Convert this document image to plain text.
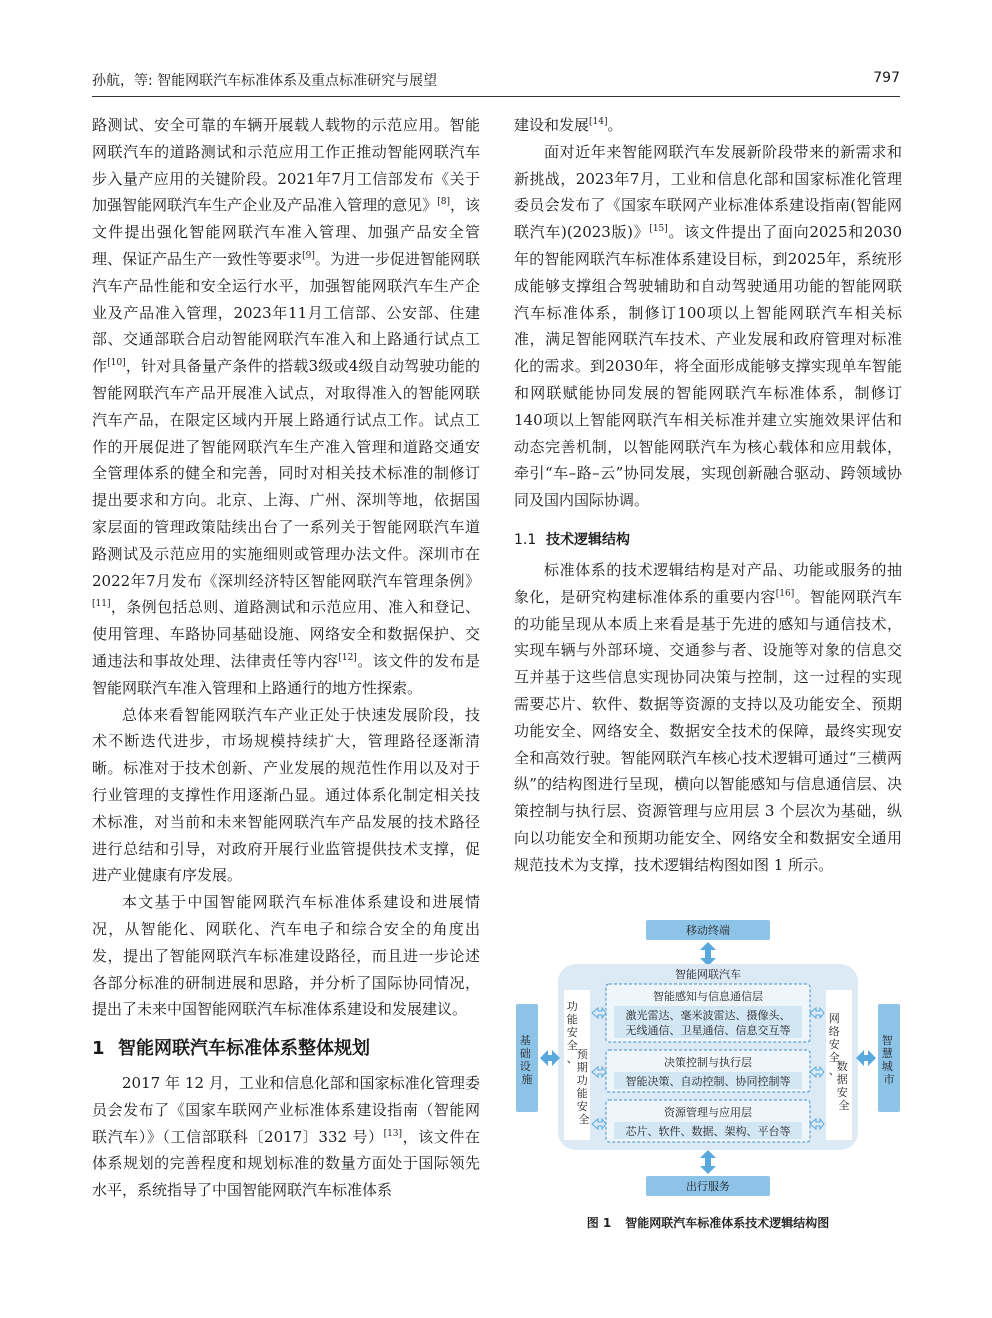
孙航，等: 智能网联汽车标准体系及重点标准研究与展望	797

路测试、安全可靠的车辆开展载人载物的示范应用。智能网联汽车的道路测试和示范应用工作正推动智能网联汽车步入量产应用的关键阶段。2021年7月工信部发布《关于加强智能网联汽车生产企业及产品准入管理的意见》[8]，该文件提出强化智能网联汽车准入管理、加强产品安全管理、保证产品生产一致性等要求[9]。为进一步促进智能网联汽车产品性能和安全运行水平，加强智能网联汽车生产企业及产品准入管理，2023年11月工信部、公安部、住建部、交通部联合启动智能网联汽车准入和上路通行试点工作[10]，针对具备量产条件的搭载3级或4级自动驾驶功能的智能网联汽车产品开展准入试点，对取得准入的智能网联汽车产品，在限定区域内开展上路通行试点工作。试点工作的开展促进了智能网联汽车生产准入管理和道路交通安全管理体系的健全和完善，同时对相关技术标准的制修订提出要求和方向。北京、上海、广州、深圳等地，依据国家层面的管理政策陆续出台了一系列关于智能网联汽车道路测试及示范应用的实施细则或管理办法文件。深圳市在2022年7月发布《深圳经济特区智能网联汽车管理条例》[11]，条例包括总则、道路测试和示范应用、准入和登记、使用管理、车路协同基础设施、网络安全和数据保护、交通违法和事故处理、法律责任等内容[12]。该文件的发布是智能网联汽车准入管理和上路通行的地方性探索。

总体来看智能网联汽车产业正处于快速发展阶段，技术不断迭代进步，市场规模持续扩大，管理路径逐渐清晰。标准对于技术创新、产业发展的规范性作用以及对于行业管理的支撑性作用逐渐凸显。通过体系化制定相关技术标准，对当前和未来智能网联汽车产品发展的技术路径进行总结和引导，对政府开展行业监管提供技术支撑，促进产业健康有序发展。

本文基于中国智能网联汽车标准体系建设和进展情况，从智能化、网联化、汽车电子和综合安全的角度出发，提出了智能网联汽车标准建设路径，而且进一步论述各部分标准的研制进展和思路，并分析了国际协同情况，提出了未来中国智能网联汽车标准体系建设和发展建议。

1 智能网联汽车标准体系整体规划

2017 年 12 月，工业和信息化部和国家标准化管理委员会发布了《国家车联网产业标准体系建设指南（智能网联汽车）》（工信部联科〔2017〕332 号）[13]，该文件在体系规划的完善程度和规划标准的数量方面处于国际领先水平，系统指导了中国智能网联汽车标准体系

建设和发展[14]。

面对近年来智能网联汽车发展新阶段带来的新需求和新挑战，2023年7月，工业和信息化部和国家标准化管理委员会发布了《国家车联网产业标准体系建设指南(智能网联汽车)(2023版)》[15]。该文件提出了面向2025和2030年的智能网联汽车标准体系建设目标，到2025年，系统形成能够支撑组合驾驶辅助和自动驾驶通用功能的智能网联汽车标准体系，制修订100项以上智能网联汽车相关标准，满足智能网联汽车技术、产业发展和政府管理对标准化的需求。到2030年，将全面形成能够支撑实现单车智能和网联赋能协同发展的智能网联汽车标准体系，制修订140项以上智能网联汽车相关标准并建立实施效果评估和动态完善机制，以智能网联汽车为核心载体和应用载体，牵引“车–路–云”协同发展，实现创新融合驱动、跨领域协同及国内国际协调。

1.1 技术逻辑结构

标准体系的技术逻辑结构是对产品、功能或服务的抽象化，是研究构建标准体系的重要内容[16]。智能网联汽车的功能呈现从本质上来看是基于先进的感知与通信技术，实现车辆与外部环境、交通参与者、设施等对象的信息交互并基于这些信息实现协同决策与控制，这一过程的实现需要芯片、软件、数据等资源的支持以及功能安全、预期功能安全、网络安全、数据安全技术的保障，最终实现安全和高效行驶。智能网联汽车核心技术逻辑可通过“三横两纵”的结构图进行呈现，横向以智能感知与信息通信层、决策控制与执行层、资源管理与应用层 3 个层次为基础，纵向以功能安全和预期功能安全、网络安全和数据安全通用规范技术为支撑，技术逻辑结构图如图 1 所示。

移动终端
智能网联汽车
基 础 设 施
智 慧 城 市
功 能 安 全 、 预 期 功 能 安 全
网 络 安 全 、 数 据 安 全
智能感知与信息通信层
激光雷达、毫米波雷达、摄像头、
无线通信、卫星通信、信息交互等
决策控制与执行层
智能决策、自动控制、协同控制等
资源管理与应用层
芯片、软件、数据、架构、平台等
出行服务
图 1 智能网联汽车标准体系技术逻辑结构图
